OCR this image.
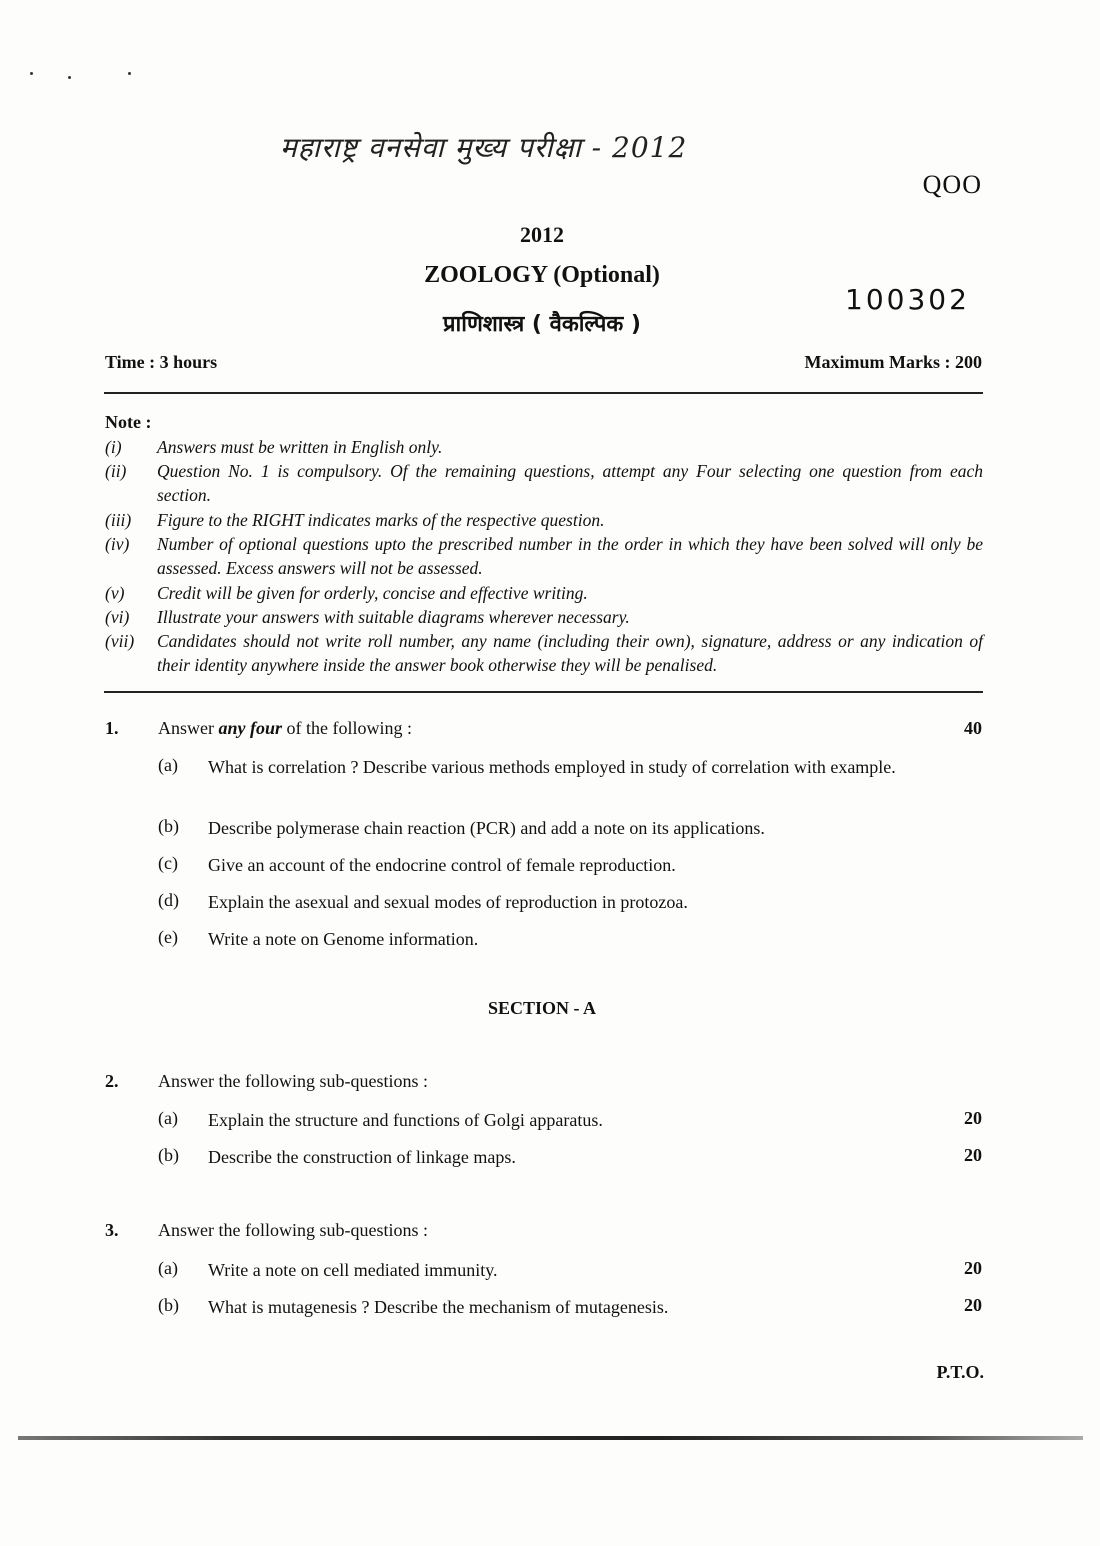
महाराष्ट्र वनसेवा मुख्य परीक्षा - 2012
QOO
2012
ZOOLOGY (Optional)
100302
प्राणिशास्त्र ( वैकल्पिक )
Time : 3 hours	Maximum Marks : 200
Note :
(i)	Answers must be written in English only.
(ii)	Question No. 1 is compulsory. Of the remaining questions, attempt any Four selecting one question from each section.
(iii)	Figure to the RIGHT indicates marks of the respective question.
(iv)	Number of optional questions upto the prescribed number in the order in which they have been solved will only be assessed. Excess answers will not be assessed.
(v)	Credit will be given for orderly, concise and effective writing.
(vi)	Illustrate your answers with suitable diagrams wherever necessary.
(vii)	Candidates should not write roll number, any name (including their own), signature, address or any indication of their identity anywhere inside the answer book otherwise they will be penalised.
1. Answer any four of the following :	40
(a) What is correlation ? Describe various methods employed in study of correlation with example.
(b) Describe polymerase chain reaction (PCR) and add a note on its applications.
(c) Give an account of the endocrine control of female reproduction.
(d) Explain the asexual and sexual modes of reproduction in protozoa.
(e) Write a note on Genome information.
SECTION - A
2. Answer the following sub-questions :
(a) Explain the structure and functions of Golgi apparatus.	20
(b) Describe the construction of linkage maps.	20
3. Answer the following sub-questions :
(a) Write a note on cell mediated immunity.	20
(b) What is mutagenesis ? Describe the mechanism of mutagenesis.	20
P.T.O.
